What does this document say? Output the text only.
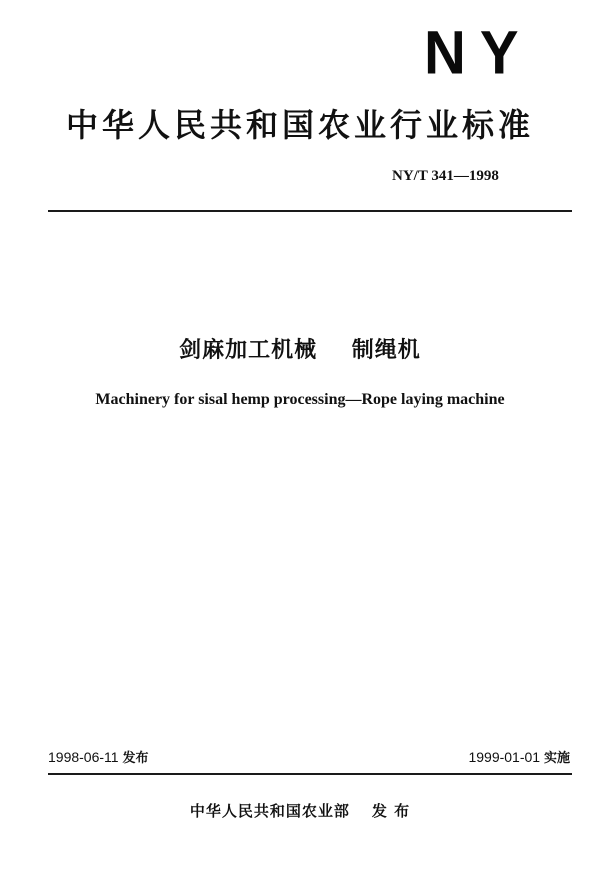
NY
中华人民共和国农业行业标准
NY/T 341—1998
剑麻加工机械    制绳机
Machinery for sisal hemp processing—Rope laying machine
1998-06-11 发布	1999-01-01 实施
中华人民共和国农业部 发 布
